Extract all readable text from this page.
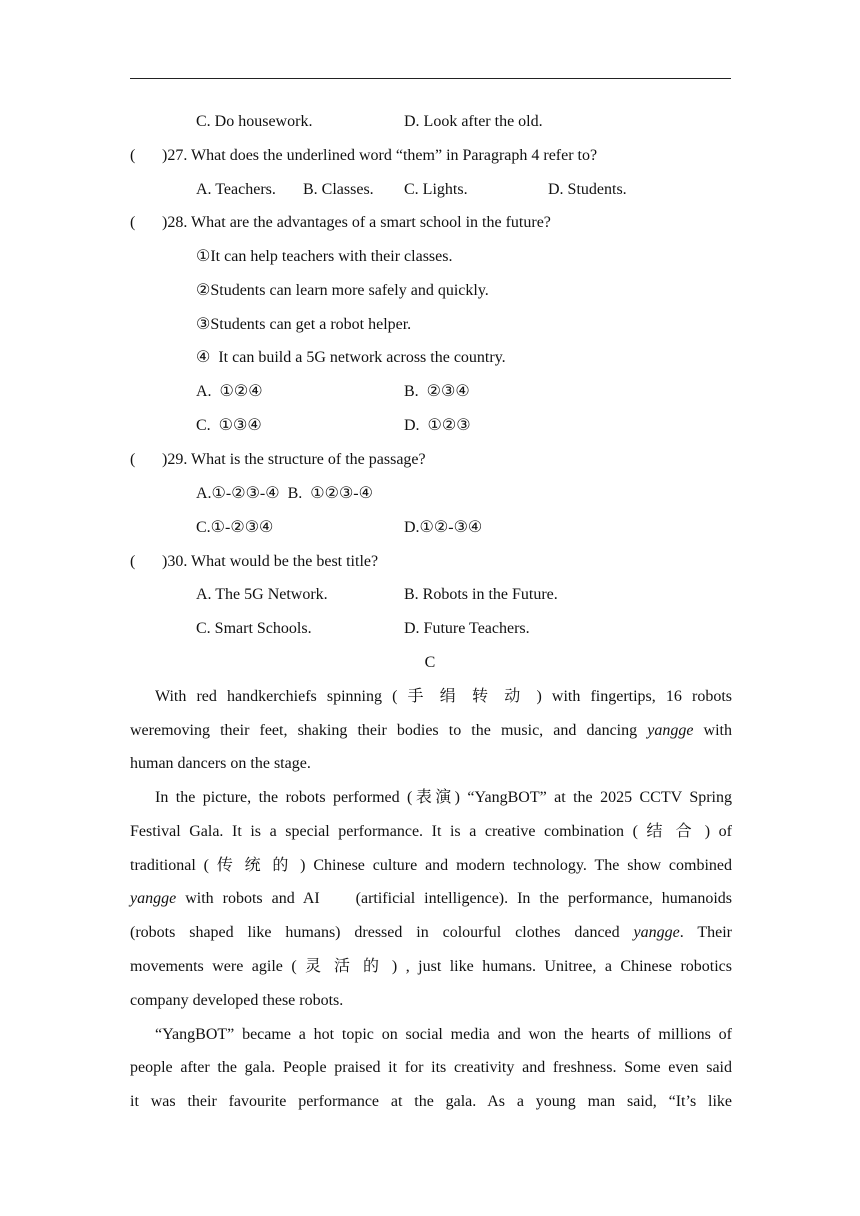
C. Do housework.	D. Look after the old.
( )27. What does the underlined word “them” in Paragraph 4 refer to?
A. Teachers. B. Classes. C. Lights.	D. Students.
( )28. What are the advantages of a smart school in the future?
①It can help teachers with their classes.
②Students can learn more safely and quickly.
③Students can get a robot helper.
④  It can build a 5G network across the country.
A.  ①②④	B.  ②③④
C.  ①③④	D.  ①②③
( )29. What is the structure of the passage?
A.①-②③-④  B.  ①②③-④
C.①-②③④	D.①②-③④
( )30. What would be the best title?
A. The 5G Network.	B. Robots in the Future.
C. Smart Schools.	D. Future Teachers.
C
With red handkerchiefs spinning ( 手 绢 转 动 ) with fingertips, 16 robots
weremoving their feet, shaking their bodies to the music, and dancing yangge with
human dancers on the stage.
In the picture, the robots performed (表演) “YangBOT” at the 2025 CCTV Spring
Festival Gala. It is a special performance. It is a creative combination ( 结 合 ) of
traditional ( 传 统 的 ) Chinese culture and modern technology. The show combined
yangge with robots and AI    (artificial intelligence). In the performance, humanoids
(robots shaped like humans) dressed in colourful clothes danced yangge. Their
movements were agile ( 灵 活 的 ) , just like humans. Unitree, a Chinese robotics
company developed these robots.
“YangBOT” became a hot topic on social media and won the hearts of millions of
people after the gala. People praised it for its creativity and freshness. Some even said
it was their favourite performance at the gala. As a young man said, “It’s like
